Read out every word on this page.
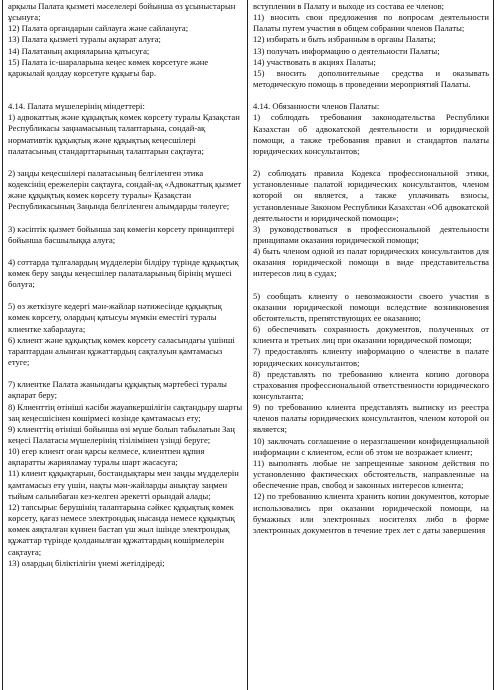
арқылы Палата қызметі мәселелері бойынша өз ұсыныстарын ұсынуға;

12) Палата органдарын сайлауға және сайлануға;

13) Палата қызметі туралы ақпарат алуға;

14) Палатаның акцияларына қатысуға;

15) Палата іс-шараларына кеңес көмек көрсетуге және қаржылай қолдау көрсетуге құқығы бар.

4.14. Палата мүшелерінің міндеттері:

1) адвокаттық және құқықтық көмек көрсету туралы Қазақстан Республикасы заңнамасының талаптарына, сондай-ақ нормативтік құқықтық және құқықтық кеңесшілері палатасының стандарттарының талаптарын сақтауға;

2) заңды кеңесшілері палатасының белгіленген этика кодексінің ережелерін сақтауға, сондай-ақ «Адвокаттық қызмет және құқықтық көмек көрсету туралы» Қазақстан Республикасының Заңында белгіленген алымдарды төлеуге;

3) кәсіптік қызмет бойынша заң көмегін көрсету принциптері бойынша басшылыққа алуға;

4) соттарда тұлғалардың мүдделерін білдіру түрінде құқықтық көмек беру заңды кеңесшілер палаталарының бірінің мүшесі болуға;

5) өз жеткізуге кедергі мән-жайлар нәтижесінде құқықтық көмек көрсету, олардың қатысуы мүмкін еместігі туралы клиентке хабарлауға;

6) клиент және құқықтық көмек көрсету саласындағы үшінші тараптардан алынған құжаттардың сақталуын қамтамасыз етуге;

7) клиентке Палата жанындағы құқықтық мәртебесі туралы ақпарат беру;

8) Клиенттің өтініші кәсіби жауапкершілігін сақтандыру шарты заң кеңесшісінен көшірмесі көзінде қамтамасыз ету;

9) клиенттің өтініші бойынша өзі мүше болып табылатын Заң кеңесі Палатасы мүшелерінің тізілімінен үзінді беруге;

10) егер клиент оған қарсы келмесе, клиентпен құпия ақпаратты жарияламау туралы шарт жасасуға;

11) клиент құқықтарын, бостандықтары мен заңды мүдделерін қамтамасыз ету үшін, нақты мән-жайларды анықтау заңмен тыйым салынбаған кез-келген әрекетті орындай алады;

12) тапсырыс берушінің талаптарына сәйкес құқықтық көмек көрсету, қағаз немесе электрондық нысанда немесе құқықтық көмек аяқталған күннен бастап үш жыл ішінде электрондық құжаттар түрінде қолданылған құжаттардың көшірмелерін сақтауға;

13) олардың біліктілігін үнемі жетілдіреді;

вступлении в Палату и выходе из состава ее членов;

11) вносить свои предложения по вопросам деятельности Палаты путем участия в общем собрании членов Палаты;

12) избирать и быть избранным в органы Палаты;

13) получать информацию о деятельности Палаты;

14) участвовать в акциях Палаты;

15) вносить дополнительные средства и оказывать методическую помощь в проведении мероприятий Палаты.

4.14. Обязанности членов Палаты:

1) соблюдать требования законодательства Республики Казахстан об адвокатской деятельности и юридической помощи, а также требования правил и стандартов палаты юридических консультантов;

2) соблюдать правила Кодекса профессиональной этики, установленные палатой юридических консультантов, членом которой он является, а также уплачивать взносы, установленные Законом Республики Казахстан «Об адвокатской деятельности и юридической помощи»;

3) руководствоваться в профессиональной деятельности принципами оказания юридической помощи;

4) быть членом одной из палат юридических консультантов для оказания юридической помощи в виде представительства интересов лиц в судах;

5) сообщать клиенту о невозможности своего участия в оказании юридической помощи вследствие возникновения обстоятельств, препятствующих ее оказанию;

6) обеспечивать сохранность документов, полученных от клиента и третьих лиц при оказании юридической помощи;

7) предоставлять клиенту информацию о членстве в палате юридических консультантов;

8) представлять по требованию клиента копию договора страхования профессиональной ответственности юридического консультанта;

9) по требованию клиента представлять выписку из реестра членов палаты юридических консультантов, членом которой он является;

10) заключать соглашение о неразглашении конфиденциальной информации с клиентом, если об этом не возражает клиент;

11) выполнять любые не запрещенные законом действия по установлению фактических обстоятельств, направленные на обеспечение прав, свобод и законных интересов клиента;

12) по требованию клиента хранить копии документов, которые использовались при оказании юридической помощи, на бумажных или электронных носителях либо в форме электронных документов в течение трех лет с даты завершения
